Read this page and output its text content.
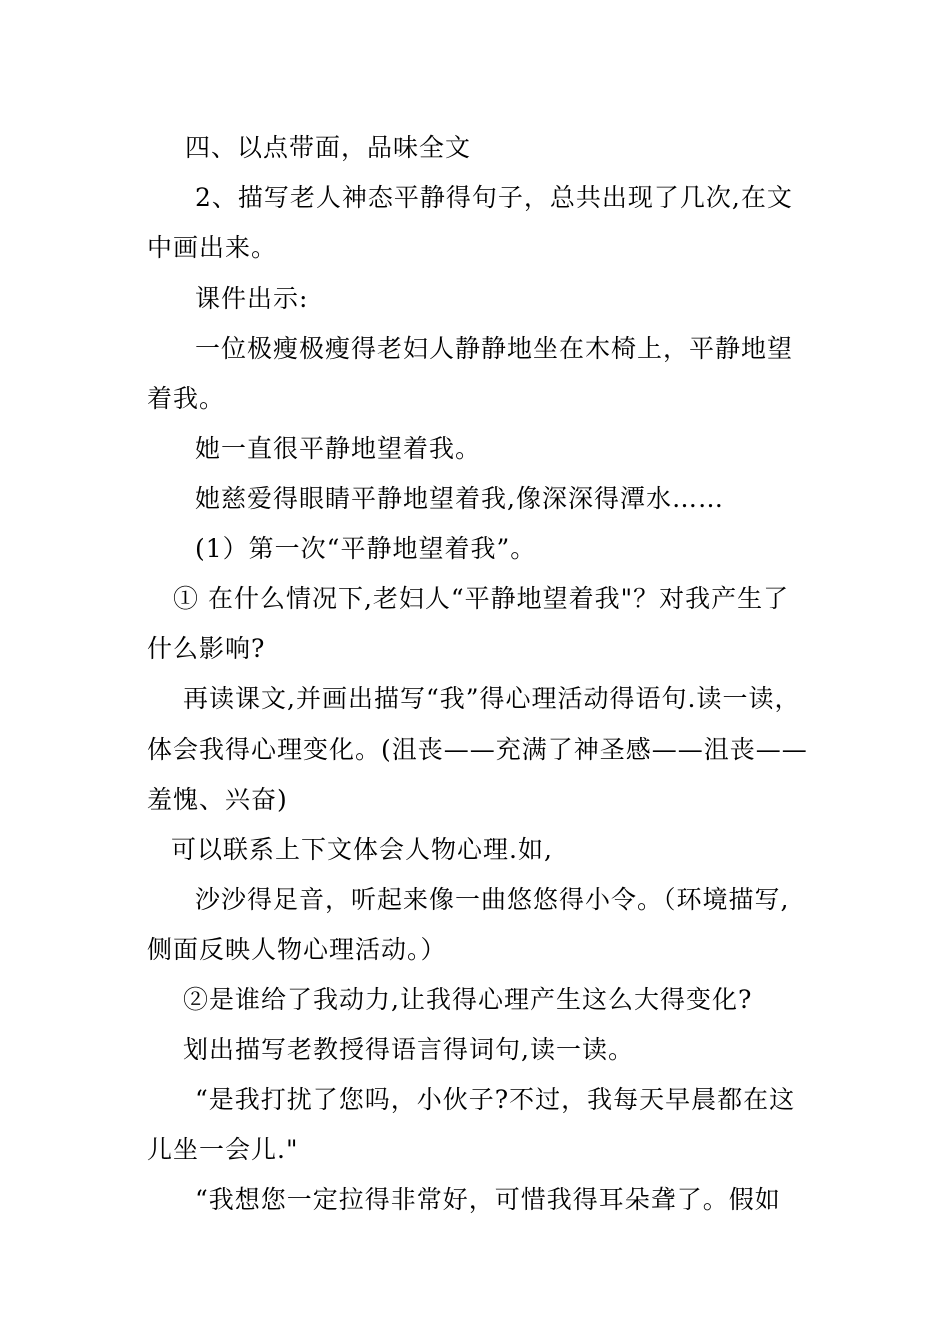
四、以点带面，品味全文
2、描写老人神态平静得句子，总共出现了几次,在文
中画出来。
课件出示:
一位极瘦极瘦得老妇人静静地坐在木椅上，平静地望
着我。
她一直很平静地望着我。
她慈爱得眼睛平静地望着我,像深深得潭水……
(1）第一次“平静地望着我”。
① 在什么情况下,老妇人“平静地望着我"？对我产生了
什么影响?
再读课文,并画出描写“我”得心理活动得语句.读一读，
体会我得心理变化。(沮丧——充满了神圣感——沮丧——
羞愧、兴奋)
可以联系上下文体会人物心理.如,
沙沙得足音，听起来像一曲悠悠得小令。（环境描写,
侧面反映人物心理活动。）
②是谁给了我动力,让我得心理产生这么大得变化?
划出描写老教授得语言得词句,读一读。
“是我打扰了您吗，小伙子?不过，我每天早晨都在这
儿坐一会儿."
“我想您一定拉得非常好，可惜我得耳朵聋了。假如
